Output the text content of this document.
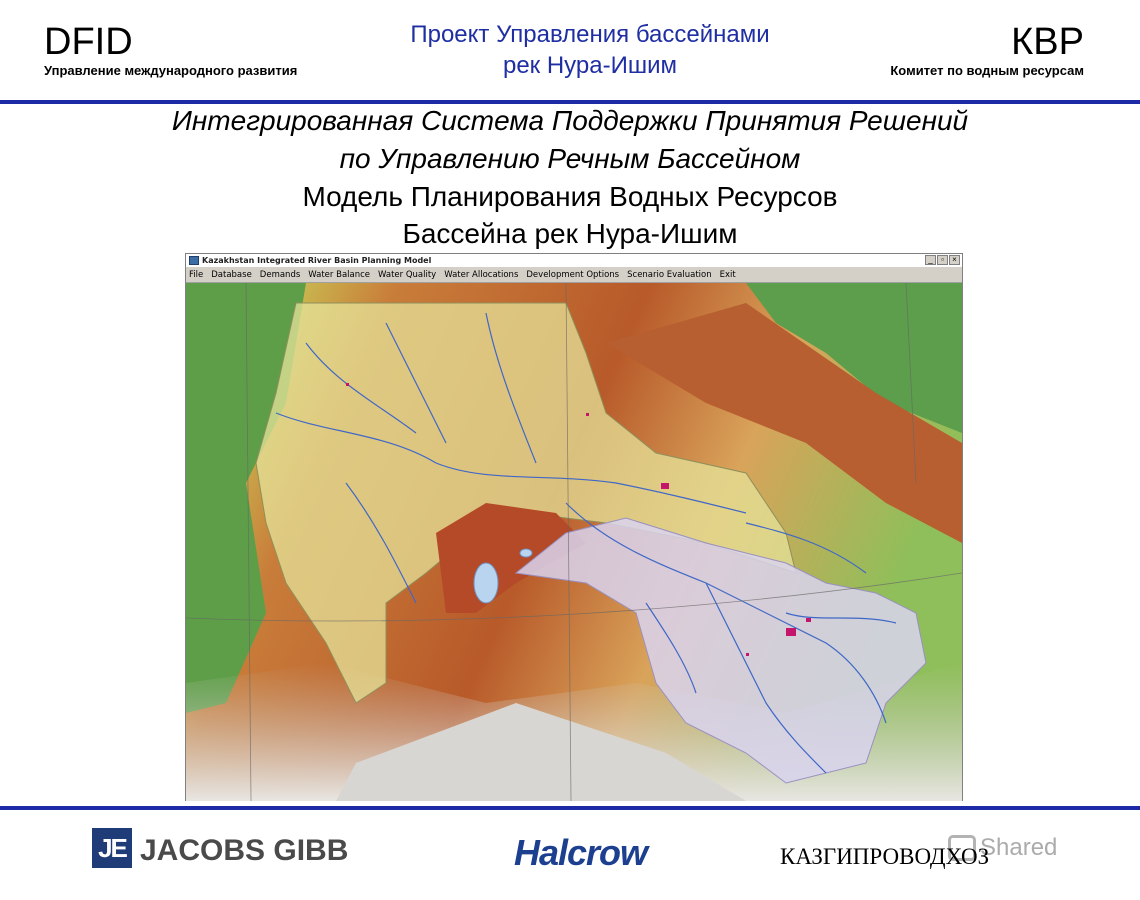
DFID
Управление международного развития
Проект Управления бассейнами
рек Нура-Ишим
КВР
Комитет по водным ресурсам
Интегрированная Система Поддержки Принятия Решений
по Управлению Речным Бассейном
Модель Планирования Водных Ресурсов
Бассейна рек Нура-Ишим
Kazakhstan Integrated River Basin Planning Model	_	▫	×
File Database Demands Water Balance Water Quality Water Allocations Development Options Scenario Evaluation Exit
JE JACOBS GIBB	Halcrow	Shared
КАЗГИПРОВОДХОЗ
